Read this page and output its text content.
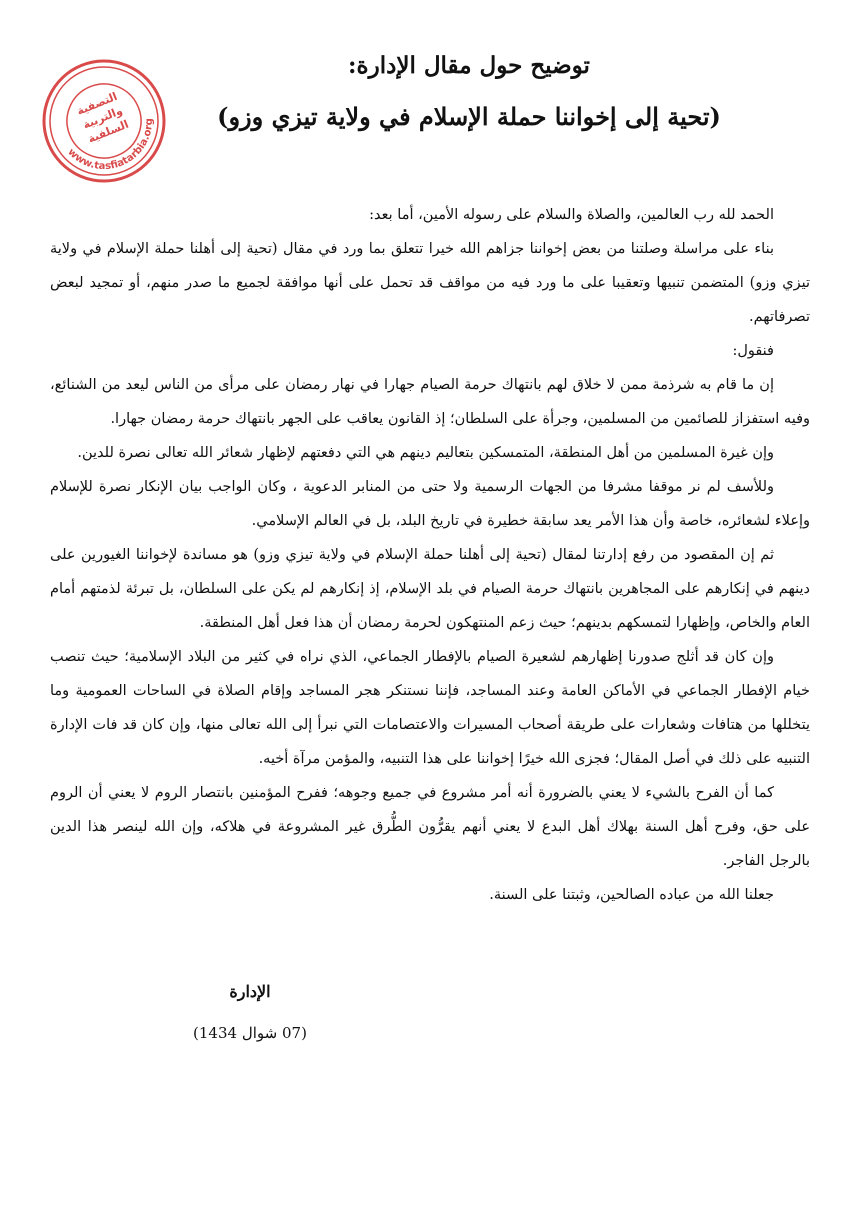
www.tasfiatarbia.org
التصفية والتربية السلفية
توضيح حول مقال الإدارة:
(تحية إلى إخواننا حملة الإسلام في ولاية تيزي وزو)

الحمد لله رب العالمين، والصلاة والسلام على رسوله الأمين، أما بعد:

بناء على مراسلة وصلتنا من بعض إخواننا جزاهم الله خيرا تتعلق بما ورد في مقال (تحية إلى أهلنا حملة الإسلام في ولاية تيزي وزو) المتضمن تنبيها وتعقيبا على ما ورد فيه من مواقف قد تحمل على أنها موافقة لجميع ما صدر منهم، أو تمجيد لبعض تصرفاتهم.

فنقول:

إن ما قام به شرذمة ممن لا خلاق لهم بانتهاك حرمة الصيام جهارا في نهار رمضان على مرأى من الناس ليعد من الشنائع، وفيه استفزاز للصائمين من المسلمين، وجرأة على السلطان؛ إذ القانون يعاقب على الجهر بانتهاك حرمة رمضان جهارا.

وإن غيرة المسلمين من أهل المنطقة، المتمسكين بتعاليم دينهم هي التي دفعتهم لإظهار شعائر الله تعالى نصرة للدين.

وللأسف لم نر موقفا مشرفا من الجهات الرسمية ولا حتى من المنابر الدعوية ، وكان الواجب بيان الإنكار نصرة للإسلام وإعلاء لشعائره، خاصة وأن هذا الأمر يعد سابقة خطيرة في تاريخ البلد، بل في العالم الإسلامي.

ثم إن المقصود من رفع إدارتنا لمقال (تحية إلى أهلنا حملة الإسلام في ولاية تيزي وزو) هو مساندة لإخواننا الغيورين على دينهم في إنكارهم على المجاهرين بانتهاك حرمة الصيام في بلد الإسلام، إذ إنكارهم لم يكن على السلطان، بل تبرئة لذمتهم أمام العام والخاص، وإظهارا لتمسكهم بدينهم؛ حيث زعم المنتهكون لحرمة رمضان أن هذا فعل أهل المنطقة.

وإن كان قد أثلج صدورنا إظهارهم لشعيرة الصيام بالإفطار الجماعي، الذي نراه في كثير من البلاد الإسلامية؛ حيث تنصب خيام الإفطار الجماعي في الأماكن العامة وعند المساجد، فإننا نستنكر هجر المساجد وإقام الصلاة في الساحات العمومية وما يتخللها من هتافات وشعارات على طريقة أصحاب المسيرات والاعتصامات التي نبرأ إلى الله تعالى منها، وإن كان قد فات الإدارة التنبيه على ذلك في أصل المقال؛ فجزى الله خيرًا إخواننا على هذا التنبيه، والمؤمن مرآة أخيه.

كما أن الفرح بالشيء لا يعني بالضرورة أنه أمر مشروع في جميع وجوهه؛ ففرح المؤمنين بانتصار الروم لا يعني أن الروم على حق، وفرح أهل السنة بهلاك أهل البدع لا يعني أنهم يقرُّون الطُّرق غير المشروعة في هلاكه، وإن الله لينصر هذا الدين بالرجل الفاجر.

جعلنا الله من عباده الصالحين، وثبتنا على السنة.

الإدارة
(07 شوال 1434)
